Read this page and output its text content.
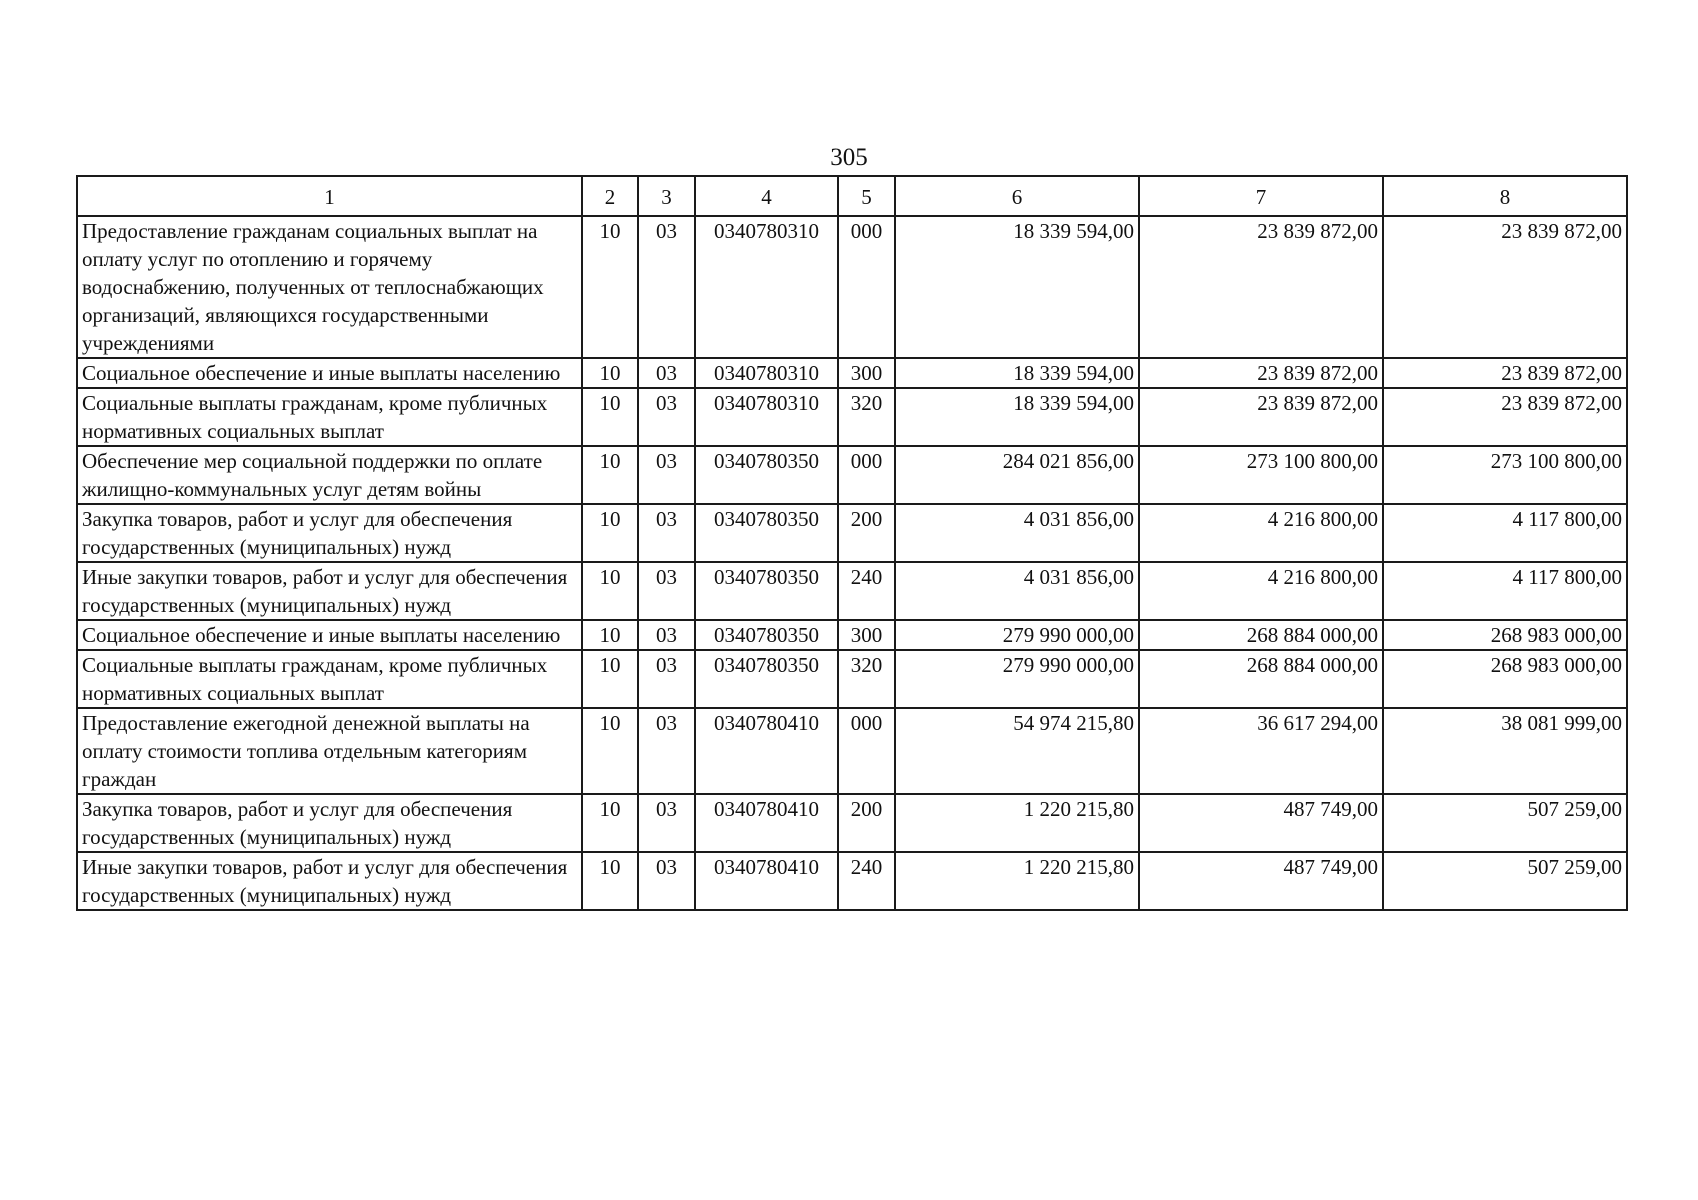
305
1	2	3	4	5	6	7	8
Предоставление гражданам социальных выплат на оплату услуг по отоплению и горячему водоснабжению, полученных от теплоснабжающих организаций, являющихся государственными учреждениями	10	03	0340780310	000	18 339 594,00	23 839 872,00	23 839 872,00
Социальное обеспечение и иные выплаты населению	10	03	0340780310	300	18 339 594,00	23 839 872,00	23 839 872,00
Социальные выплаты гражданам, кроме публичных нормативных социальных выплат	10	03	0340780310	320	18 339 594,00	23 839 872,00	23 839 872,00
Обеспечение мер социальной поддержки по оплате жилищно-коммунальных услуг детям войны	10	03	0340780350	000	284 021 856,00	273 100 800,00	273 100 800,00
Закупка товаров, работ и услуг для обеспечения государственных (муниципальных) нужд	10	03	0340780350	200	4 031 856,00	4 216 800,00	4 117 800,00
Иные закупки товаров, работ и услуг для обеспечения государственных (муниципальных) нужд	10	03	0340780350	240	4 031 856,00	4 216 800,00	4 117 800,00
Социальное обеспечение и иные выплаты населению	10	03	0340780350	300	279 990 000,00	268 884 000,00	268 983 000,00
Социальные выплаты гражданам, кроме публичных нормативных социальных выплат	10	03	0340780350	320	279 990 000,00	268 884 000,00	268 983 000,00
Предоставление ежегодной денежной выплаты на оплату стоимости топлива отдельным категориям граждан	10	03	0340780410	000	54 974 215,80	36 617 294,00	38 081 999,00
Закупка товаров, работ и услуг для обеспечения государственных (муниципальных) нужд	10	03	0340780410	200	1 220 215,80	487 749,00	507 259,00
Иные закупки товаров, работ и услуг для обеспечения государственных (муниципальных) нужд	10	03	0340780410	240	1 220 215,80	487 749,00	507 259,00
